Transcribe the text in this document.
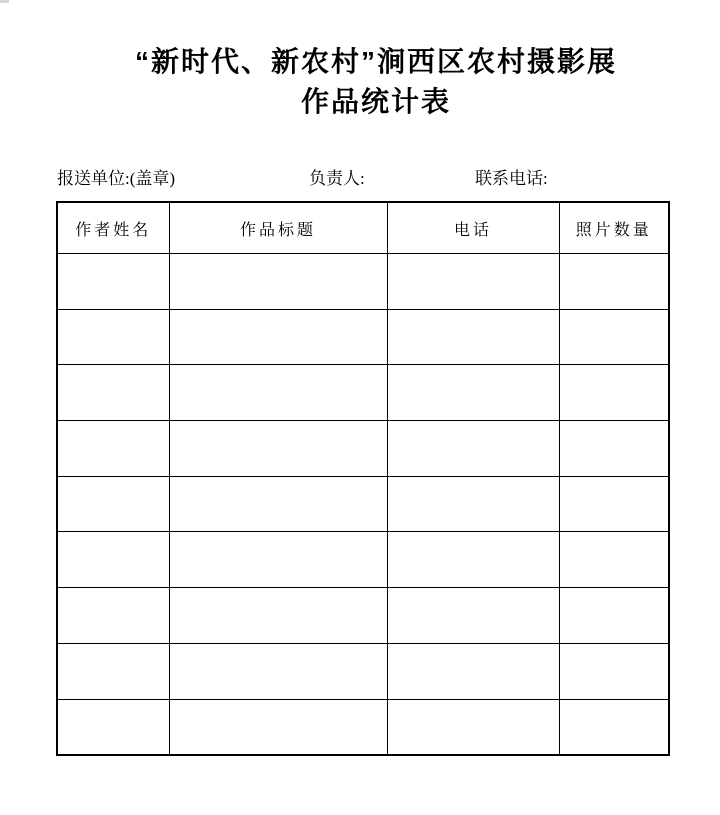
“新时代、新农村”涧西区农村摄影展
作品统计表
报送单位:(盖章)	负责人:	联系电话:
作者姓名	作品标题	电话	照片数量
